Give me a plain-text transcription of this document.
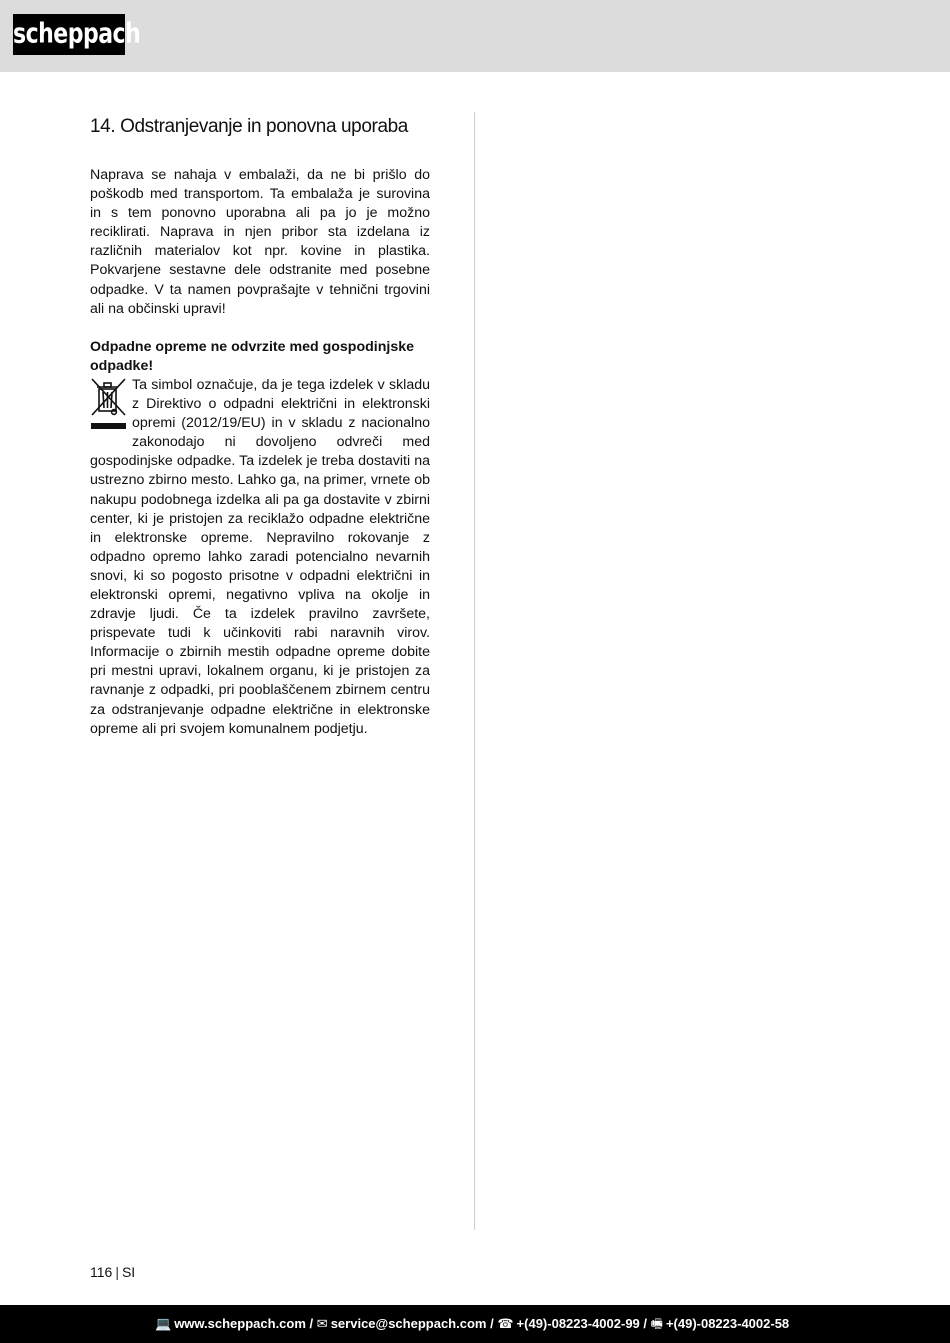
scheppach
14. Odstranjevanje in ponovna uporaba

Naprava se nahaja v embalaži, da ne bi prišlo do poškodb med transportom. Ta embalaža je surovina in s tem ponovno uporabna ali pa jo je možno reciklirati. Naprava in njen pribor sta izdelana iz različnih materialov kot npr. kovine in plastika. Pokvarjene sestavne dele odstranite med posebne odpadke. V ta namen povprašajte v tehnični trgovini ali na občinski upravi!

Odpadne opreme ne odvrzite med gospodinjske odpadke!

Ta simbol označuje, da je tega izdelek v skladu z Direktivo o odpadni električni in elektronski opremi (2012/19/EU) in v skladu z nacionalno zakonodajo ni dovoljeno odvreči med gospodinjske odpadke. Ta izdelek je treba dostaviti na ustrezno zbirno mesto. Lahko ga, na primer, vrnete ob nakupu podobnega izdelka ali pa ga dostavite v zbirni center, ki je pristojen za reciklažo odpadne električne in elektronske opreme. Nepravilno rokovanje z odpadno opremo lahko zaradi potencialno nevarnih snovi, ki so pogosto prisotne v odpadni električni in elektronski opremi, negativno vpliva na okolje in zdravje ljudi. Če ta izdelek pravilno završete, prispevate tudi k učinkoviti rabi naravnih virov. Informacije o zbirnih mestih odpadne opreme dobite pri mestni upravi, lokalnem organu, ki je pristojen za ravnanje z odpadki, pri pooblaščenem zbirnem centru za odstranjevanje odpadne električne in elektronske opreme ali pri svojem komunalnem podjetju.
116 | SI
💻 www.scheppach.com / ✉ service@scheppach.com / ☎ +(49)-08223-4002-99 / 🖷 +(49)-08223-4002-58
